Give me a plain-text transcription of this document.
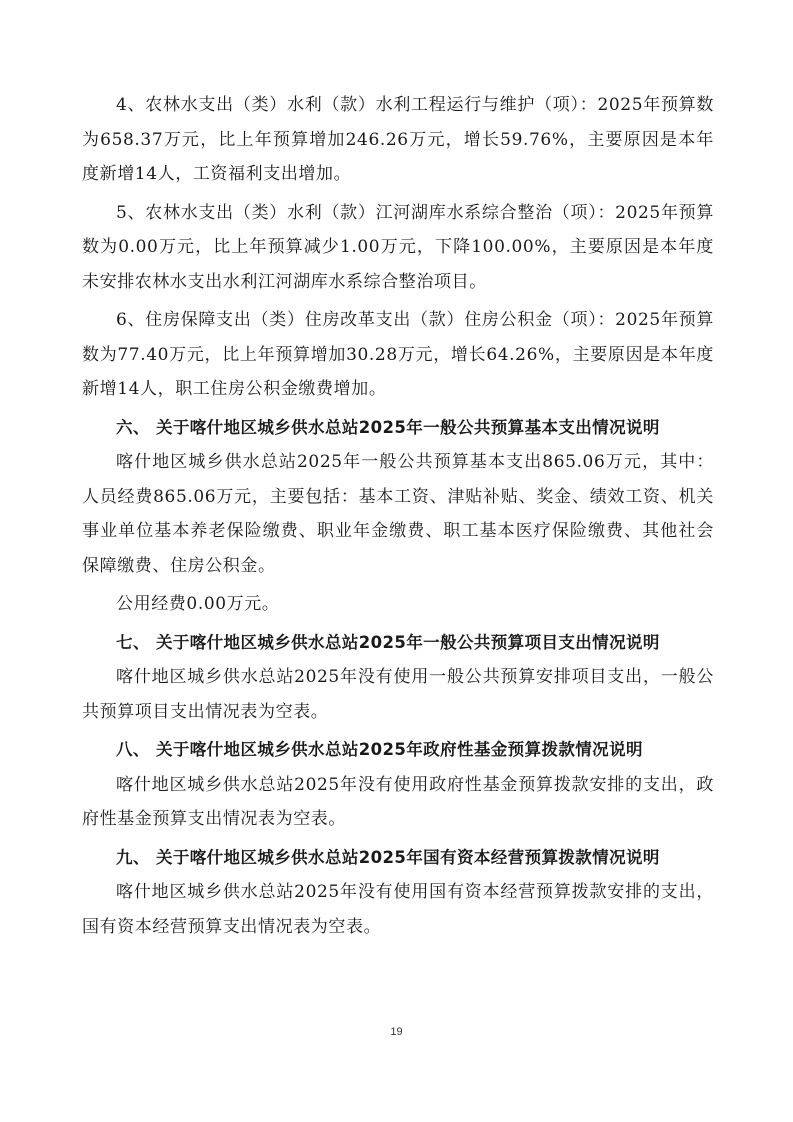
4、农林水支出（类）水利（款）水利工程运行与维护（项）：2025年预算数为658.37万元，比上年预算增加246.26万元，增长59.76%，主要原因是本年度新增14人，工资福利支出增加。

5、农林水支出（类）水利（款）江河湖库水系综合整治（项）：2025年预算数为0.00万元，比上年预算减少1.00万元，下降100.00%，主要原因是本年度未安排农林水支出水利江河湖库水系综合整治项目。

6、住房保障支出（类）住房改革支出（款）住房公积金（项）：2025年预算数为77.40万元，比上年预算增加30.28万元，增长64.26%，主要原因是本年度新增14人，职工住房公积金缴费增加。

六、 关于喀什地区城乡供水总站2025年一般公共预算基本支出情况说明

喀什地区城乡供水总站2025年一般公共预算基本支出865.06万元，其中：人员经费865.06万元，主要包括：基本工资、津贴补贴、奖金、绩效工资、机关事业单位基本养老保险缴费、职业年金缴费、职工基本医疗保险缴费、其他社会保障缴费、住房公积金。

公用经费0.00万元。

七、 关于喀什地区城乡供水总站2025年一般公共预算项目支出情况说明

喀什地区城乡供水总站2025年没有使用一般公共预算安排项目支出，一般公共预算项目支出情况表为空表。

八、 关于喀什地区城乡供水总站2025年政府性基金预算拨款情况说明

喀什地区城乡供水总站2025年没有使用政府性基金预算拨款安排的支出，政府性基金预算支出情况表为空表。

九、 关于喀什地区城乡供水总站2025年国有资本经营预算拨款情况说明

喀什地区城乡供水总站2025年没有使用国有资本经营预算拨款安排的支出，国有资本经营预算支出情况表为空表。

19
